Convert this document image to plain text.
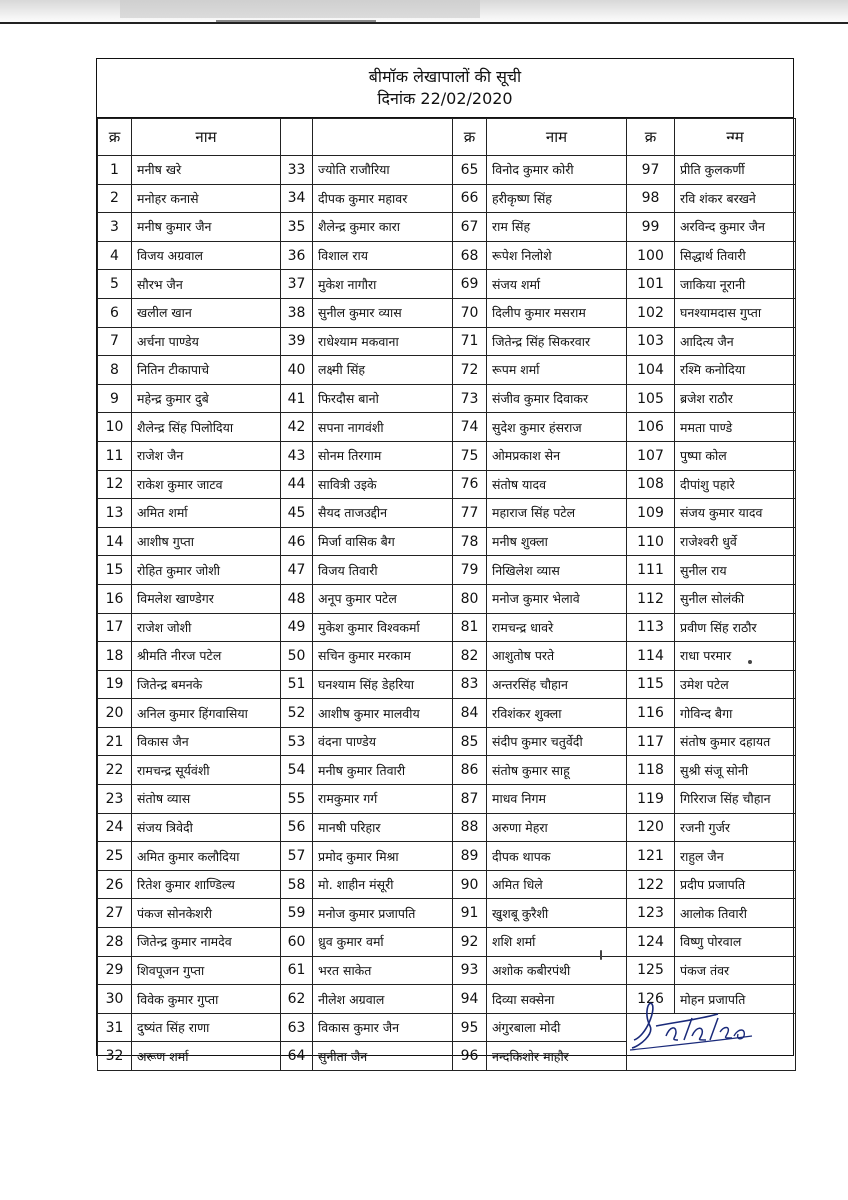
बीमॉक लेखापालों की सूची
दिनांक 22/02/2020
क्र	नाम			क्र	नाम	क्र	न्ग्म
1	मनीष खरे	33	ज्योति राजौरिया	65	विनोद कुमार कोरी	97	प्रीति कुलकर्णी
2	मनोहर कनासे	34	दीपक कुमार महावर	66	हरीकृष्ण सिंह	98	रवि शंकर बरखने
3	मनीष कुमार जैन	35	शैलेन्द्र कुमार कारा	67	राम सिंह	99	अरविन्द कुमार जैन
4	विजय अग्रवाल	36	विशाल राय	68	रूपेश निलोशे	100	सिद्धार्थ तिवारी
5	सौरभ जैन	37	मुकेश नागौरा	69	संजय शर्मा	101	जाकिया नूरानी
6	खलील खान	38	सुनील कुमार व्यास	70	दिलीप कुमार मसराम	102	घनश्यामदास गुप्ता
7	अर्चना पाण्डेय	39	राधेश्याम मकवाना	71	जितेन्द्र सिंह सिकरवार	103	आदित्य जैन
8	नितिन टीकापाचे	40	लक्ष्मी सिंह	72	रूपम शर्मा	104	रश्मि कनोदिया
9	महेन्द्र कुमार दुबे	41	फिरदौस बानो	73	संजीव कुमार दिवाकर	105	ब्रजेश राठौर
10	शैलेन्द्र सिंह पिलोदिया	42	सपना नागवंशी	74	सुदेश कुमार हंसराज	106	ममता पाण्डे
11	राजेश जैन	43	सोनम तिरगाम	75	ओमप्रकाश सेन	107	पुष्पा कोल
12	राकेश कुमार जाटव	44	सावित्री उइके	76	संतोष यादव	108	दीपांशु पहारे
13	अमित शर्मा	45	सैयद ताजउद्दीन	77	महाराज सिंह पटेल	109	संजय कुमार यादव
14	आशीष गुप्ता	46	मिर्जा वासिक बैग	78	मनीष शुक्ला	110	राजेश्वरी धुर्वे
15	रोहित कुमार जोशी	47	विजय तिवारी	79	निखिलेश व्यास	111	सुनील राय
16	विमलेश खाण्डेगर	48	अनूप कुमार पटेल	80	मनोज कुमार भेलावे	112	सुनील सोलंकी
17	राजेश जोशी	49	मुकेश कुमार विश्वकर्मा	81	रामचन्द्र धावरे	113	प्रवीण सिंह राठौर
18	श्रीमति नीरज पटेल	50	सचिन कुमार मरकाम	82	आशुतोष परते	114	राधा परमार
19	जितेन्द्र बमनके	51	घनश्याम सिंह डेहरिया	83	अन्तरसिंह चौहान	115	उमेश पटेल
20	अनिल कुमार हिंगवासिया	52	आशीष कुमार मालवीय	84	रविशंकर शुक्ला	116	गोविन्द बैगा
21	विकास जैन	53	वंदना पाण्डेय	85	संदीप कुमार चतुर्वेदी	117	संतोष कुमार दहायत
22	रामचन्द्र सूर्यवंशी	54	मनीष कुमार तिवारी	86	संतोष कुमार साहू	118	सुश्री संजू सोनी
23	संतोष व्यास	55	रामकुमार गर्ग	87	माधव निगम	119	गिरिराज सिंह चौहान
24	संजय त्रिवेदी	56	मानषी परिहार	88	अरुणा मेहरा	120	रजनी गुर्जर
25	अमित कुमार कलौदिया	57	प्रमोद कुमार मिश्रा	89	दीपक थापक	121	राहुल जैन
26	रितेश कुमार शाण्डिल्य	58	मो. शाहीन मंसूरी	90	अमित धिले	122	प्रदीप प्रजापति
27	पंकज सोनकेशरी	59	मनोज कुमार प्रजापति	91	खुशबू कुरैशी	123	आलोक तिवारी
28	जितेन्द्र कुमार नामदेव	60	ध्रुव कुमार वर्मा	92	शशि शर्मा	124	विष्णु पोरवाल
29	शिवपूजन गुप्ता	61	भरत साकेत	93	अशोक कबीरपंथी	125	पंकज तंवर
30	विवेक कुमार गुप्ता	62	नीलेश अग्रवाल	94	दिव्या सक्सेना	126	मोहन प्रजापति
31	दुष्यंत सिंह राणा	63	विकास कुमार जैन	95	अंगुरबाला मोदी		
32	अरूण शर्मा	64	सुनीता जैन	96	नन्दकिशोर माहौर		
